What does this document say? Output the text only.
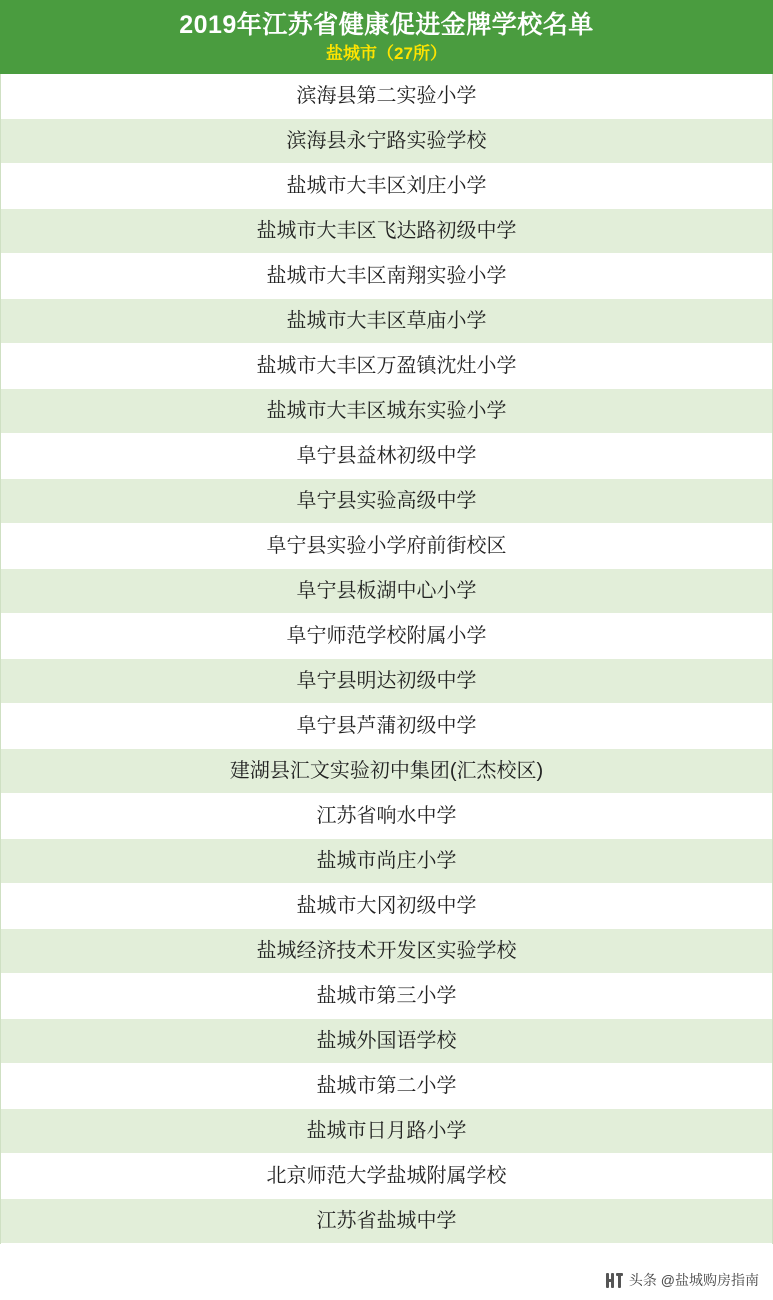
2019年江苏省健康促进金牌学校名单
盐城市（27所）
滨海县第二实验小学
滨海县永宁路实验学校
盐城市大丰区刘庄小学
盐城市大丰区飞达路初级中学
盐城市大丰区南翔实验小学
盐城市大丰区草庙小学
盐城市大丰区万盈镇沈灶小学
盐城市大丰区城东实验小学
阜宁县益林初级中学
阜宁县实验高级中学
阜宁县实验小学府前街校区
阜宁县板湖中心小学
阜宁师范学校附属小学
阜宁县明达初级中学
阜宁县芦蒲初级中学
建湖县汇文实验初中集团(汇杰校区)
江苏省响水中学
盐城市尚庄小学
盐城市大冈初级中学
盐城经济技术开发区实验学校
盐城市第三小学
盐城外国语学校
盐城市第二小学
盐城市日月路小学
北京师范大学盐城附属学校
江苏省盐城中学
头条 @盐城购房指南
